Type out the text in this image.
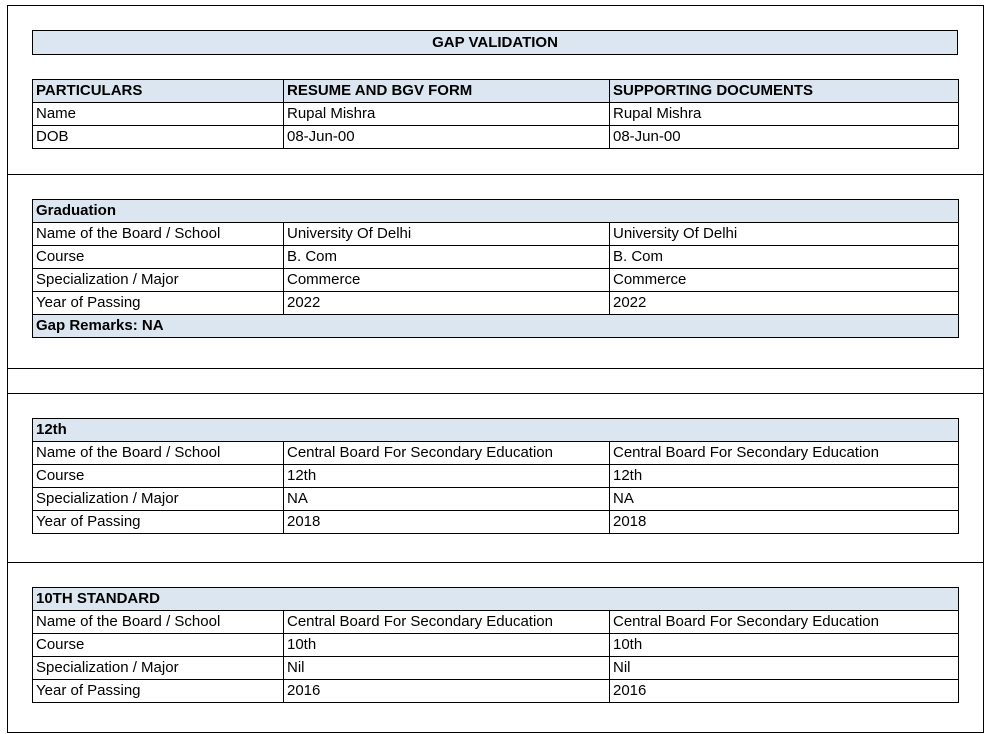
GAP VALIDATION
PARTICULARS	RESUME AND BGV FORM	SUPPORTING DOCUMENTS
Name	Rupal Mishra	Rupal Mishra
DOB	08-Jun-00	08-Jun-00
Graduation		
Name of the Board / School	University Of Delhi	University Of Delhi
Course	B. Com	B. Com
Specialization / Major	Commerce	Commerce
Year of Passing	2022	2022
Gap Remarks: NA		
12th		
Name of the Board / School	Central Board For Secondary Education	Central Board For Secondary Education
Course	12th	12th
Specialization / Major	NA	NA
Year of Passing	2018	2018
10TH STANDARD		
Name of the Board / School	Central Board For Secondary Education	Central Board For Secondary Education
Course	10th	10th
Specialization / Major	Nil	Nil
Year of Passing	2016	2016
